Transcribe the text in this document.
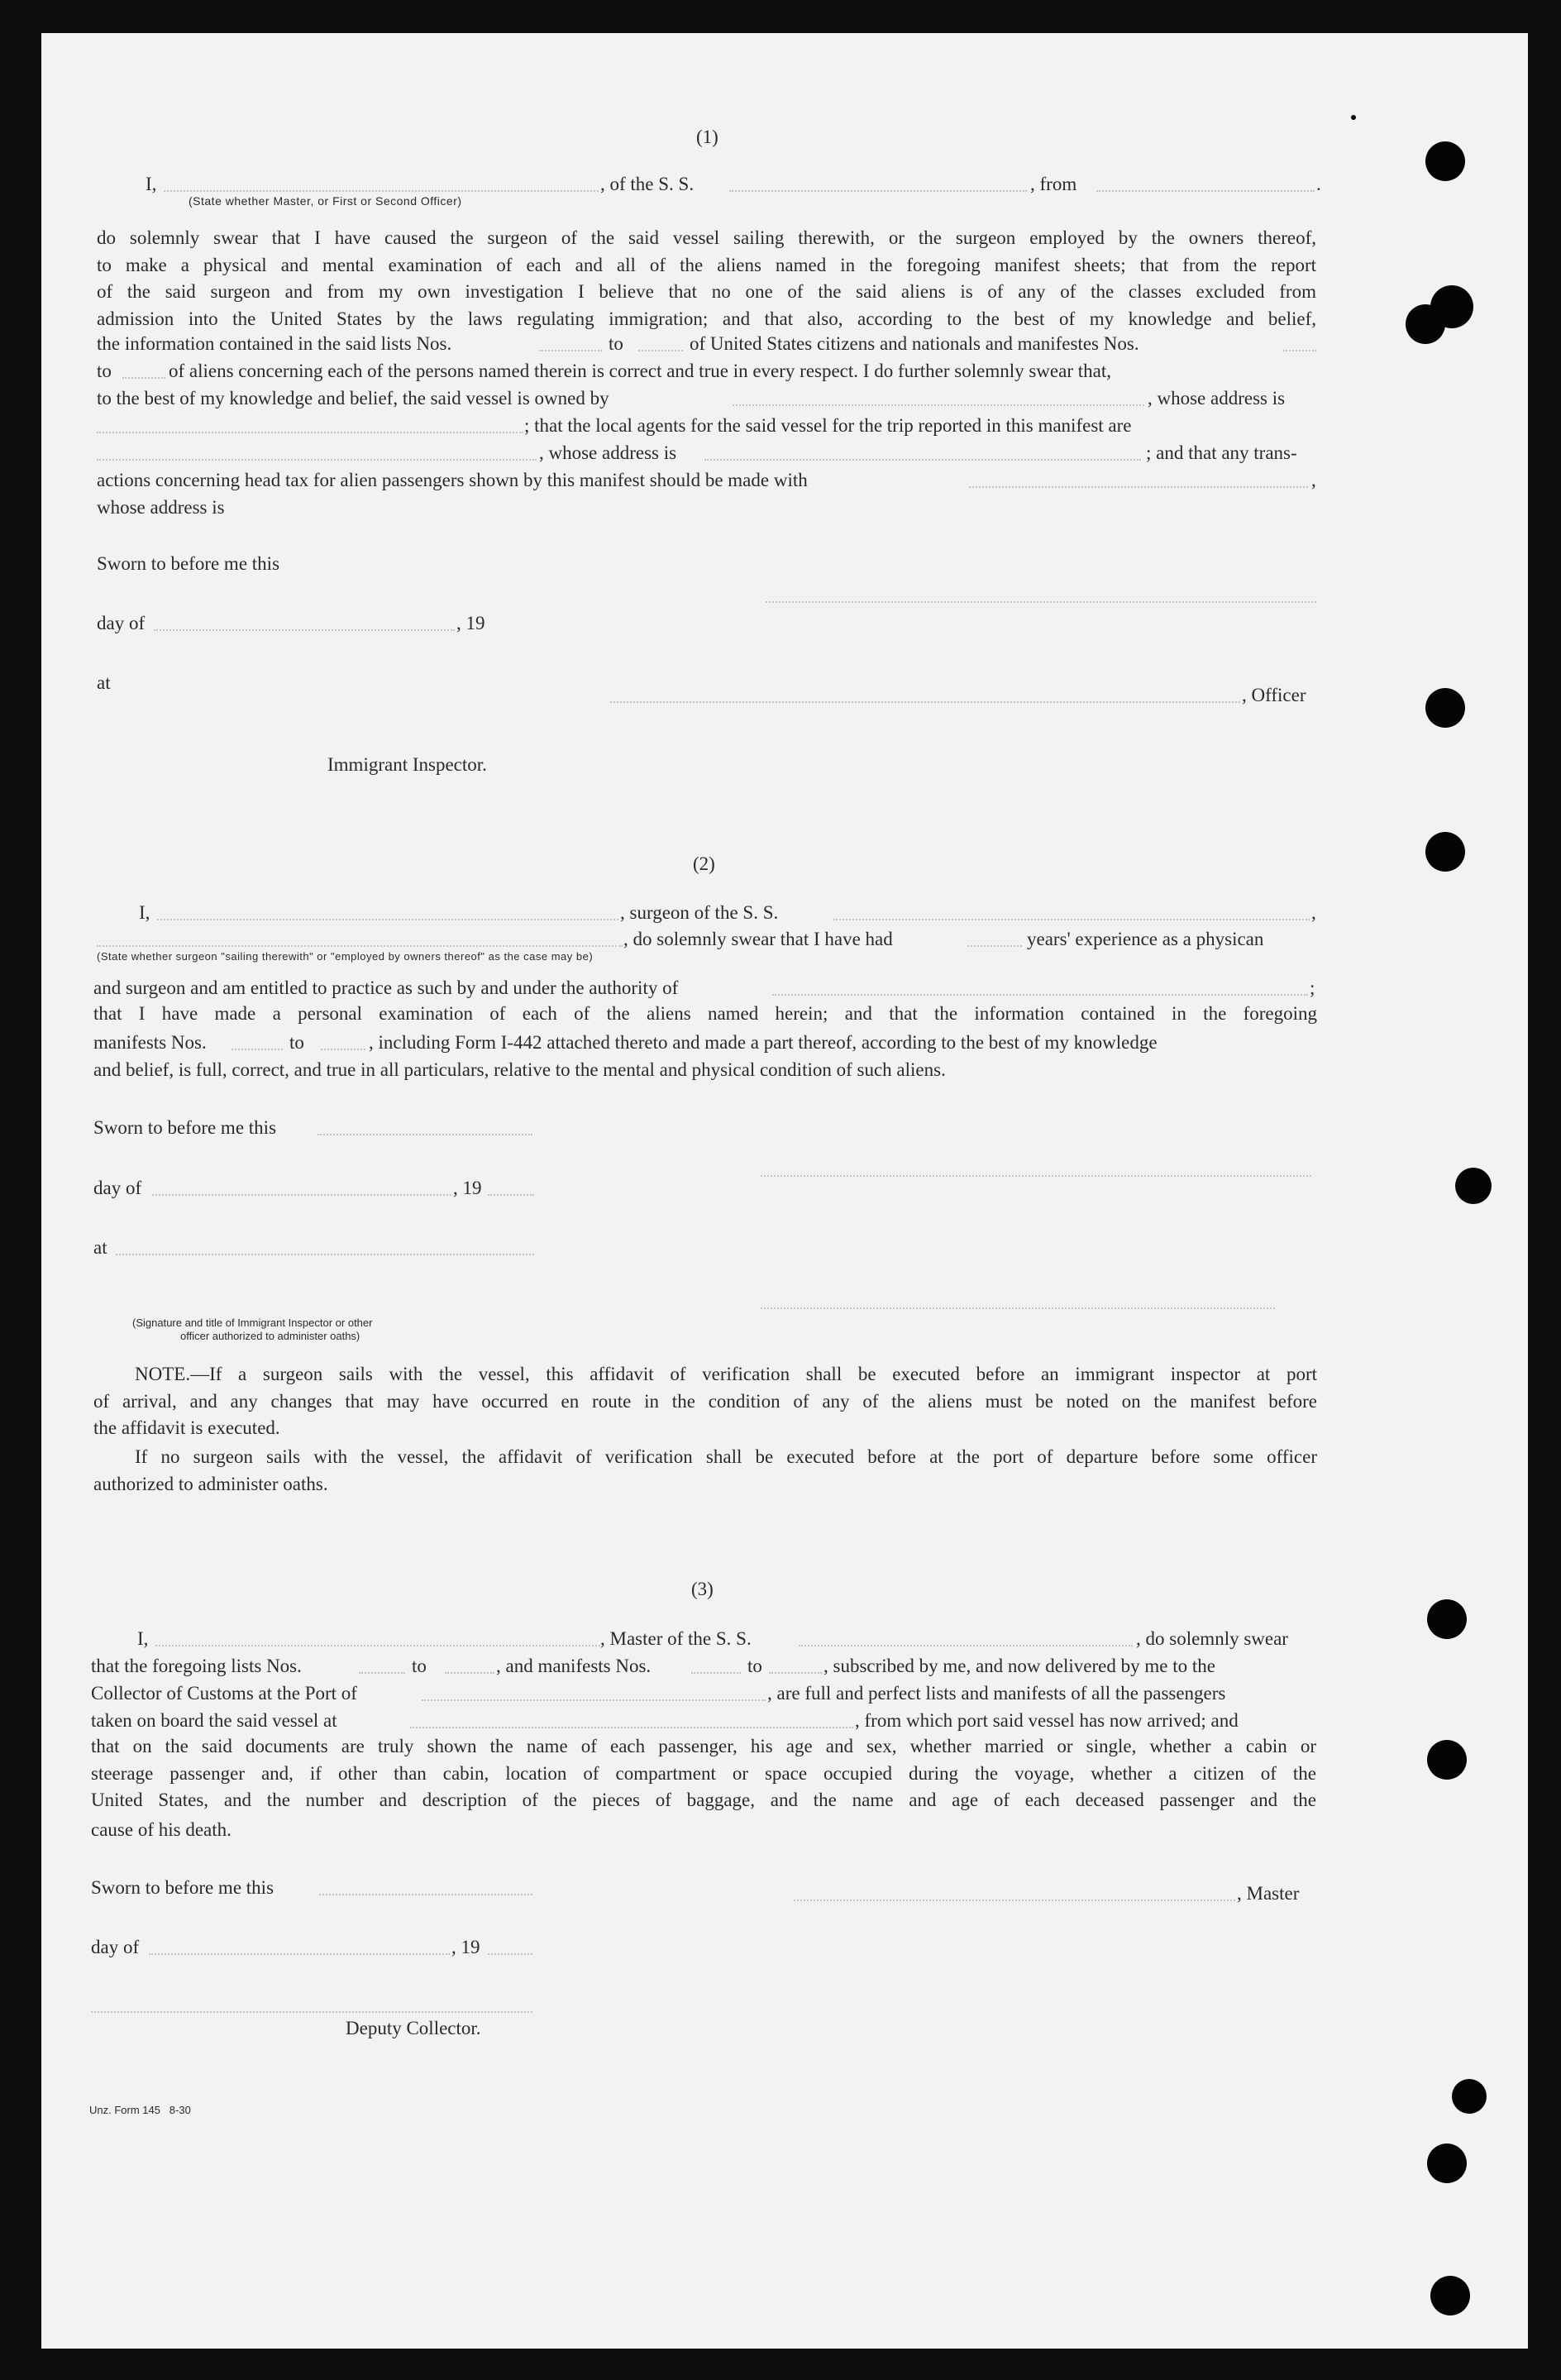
(1)
I,	, of the S. S.	, from	.
(State whether Master, or First or Second Officer)
do solemnly swear that I have caused the surgeon of the said vessel sailing therewith, or the surgeon employed by the owners thereof,
to make a physical and mental examination of each and all of the aliens named in the foregoing manifest sheets; that from the report
of the said surgeon and from my own investigation I believe that no one of the said aliens is of any of the classes excluded from
admission into the United States by the laws regulating immigration; and that also, according to the best of my knowledge and belief,
the information contained in the said lists Nos.	to	of United States citizens and nationals and manifestes Nos.
to	of aliens concerning each of the persons named therein is correct and true in every respect. I do further solemnly swear that,
to the best of my knowledge and belief, the said vessel is owned by	, whose address is
; that the local agents for the said vessel for the trip reported in this manifest are
, whose address is	; and that any trans-
actions concerning head tax for alien passengers shown by this manifest should be made with	,
whose address is
Sworn to before me this
day of	, 19
at
, Officer
Immigrant Inspector.
(2)
I,	, surgeon of the S. S.	,
, do solemnly swear that I have had	years' experience as a physican
(State whether surgeon "sailing therewith" or "employed by owners thereof" as the case may be)
and surgeon and am entitled to practice as such by and under the authority of	;
that I have made a personal examination of each of the aliens named herein; and that the information contained in the foregoing
manifests Nos.	to	, including Form I-442 attached thereto and made a part thereof, according to the best of my knowledge
and belief, is full, correct, and true in all particulars, relative to the mental and physical condition of such aliens.
Sworn to before me this
day of	, 19
at
(Signature and title of Immigrant Inspector or other
officer authorized to administer oaths)
NOTE.—If a surgeon sails with the vessel, this affidavit of verification shall be executed before an immigrant inspector at port
of arrival, and any changes that may have occurred en route in the condition of any of the aliens must be noted on the manifest before
the affidavit is executed.
If no surgeon sails with the vessel, the affidavit of verification shall be executed before at the port of departure before some officer
authorized to administer oaths.
(3)
I,	, Master of the S. S.	, do solemnly swear
that the foregoing lists Nos.	to	, and manifests Nos.	to	, subscribed by me, and now delivered by me to the
Collector of Customs at the Port of	, are full and perfect lists and manifests of all the passengers
taken on board the said vessel at	, from which port said vessel has now arrived; and
that on the said documents are truly shown the name of each passenger, his age and sex, whether married or single, whether a cabin or
steerage passenger and, if other than cabin, location of compartment or space occupied during the voyage, whether a citizen of the
United States, and the number and description of the pieces of baggage, and the name and age of each deceased passenger and the
cause of his death.
Sworn to before me this	, Master
day of	, 19
Deputy Collector.
Unz. Form 145   8-30
